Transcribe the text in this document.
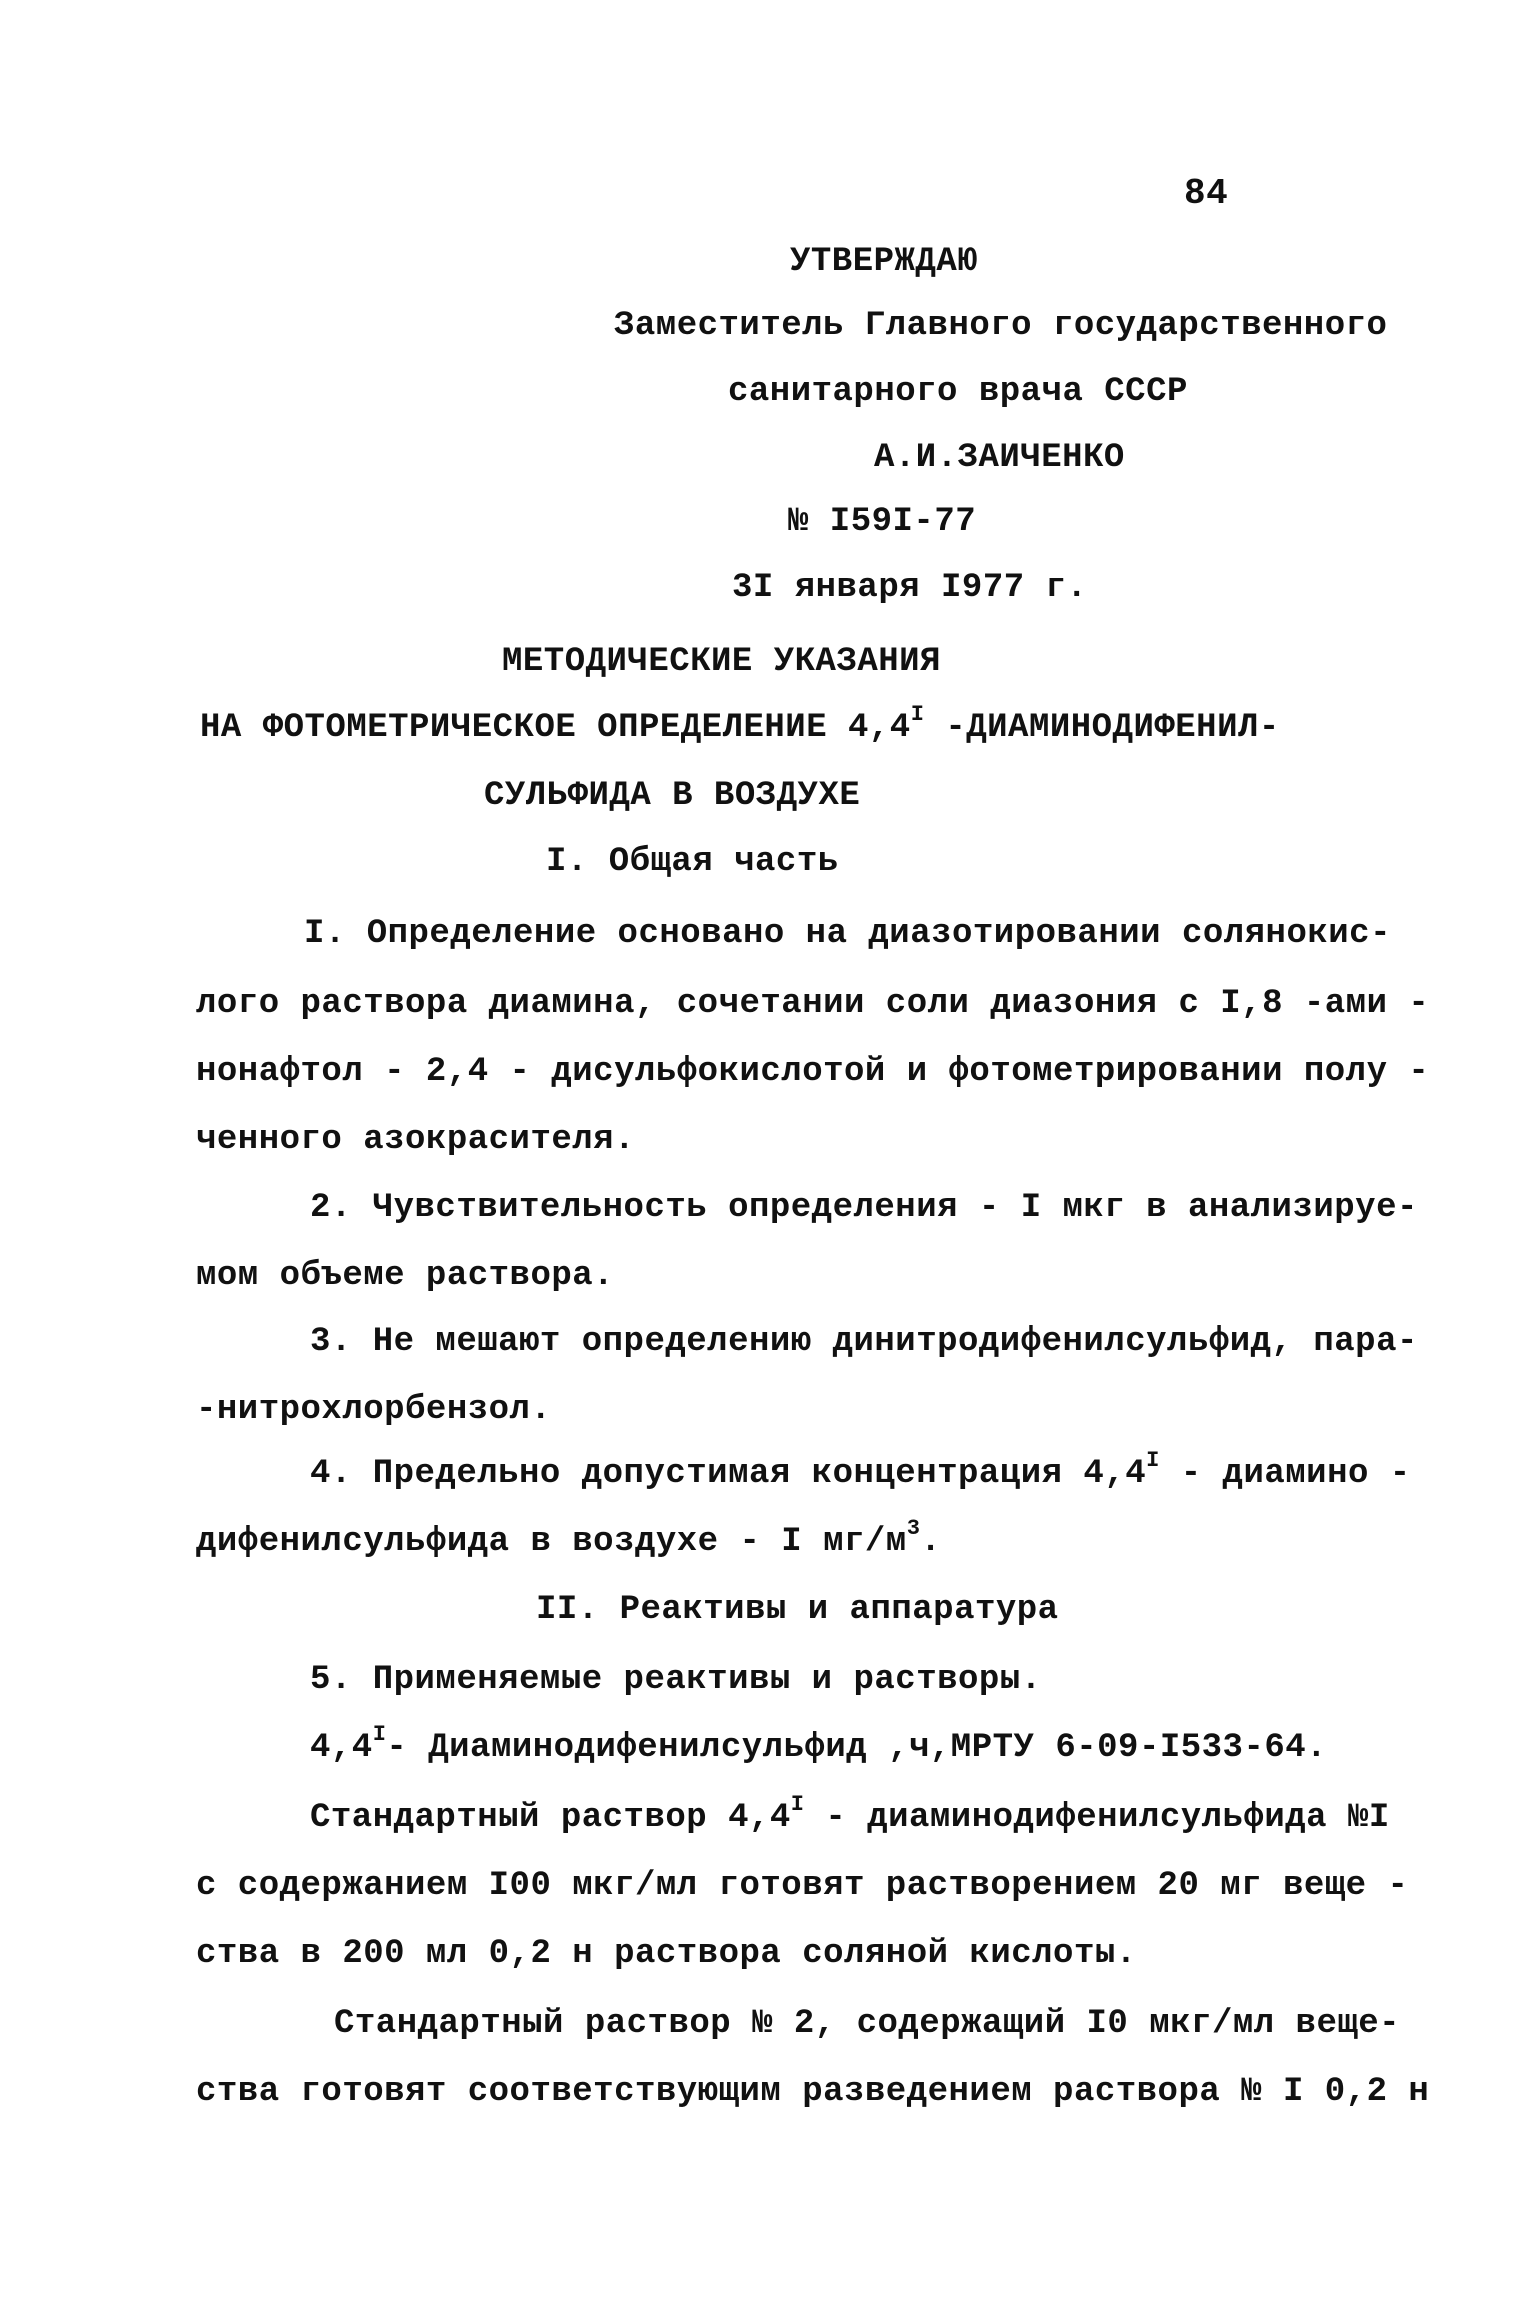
84
УТВЕРЖДАЮ
Заместитель Главного государственного
санитарного врача СССР
А.И.ЗАИЧЕНКО
№ I59I-77
3I января I977 г.
МЕТОДИЧЕСКИЕ УКАЗАНИЯ
НА ФОТОМЕТРИЧЕСКОЕ ОПРЕДЕЛЕНИЕ $4,4^I$ -ДИАМИНОДИФЕНИЛ-
СУЛЬФИДА В ВОЗДУХЕ
I. Общая часть
I. Определение основано на диазотировании солянокис-
лого раствора диамина, сочетании соли диазония с I,8 -ами -
нонафтол - 2,4 - дисульфокислотой и фотометрировании полу -
ченного азокрасителя.
2. Чувствительность определения - I мкг в анализируе-
мом объеме раствора.
3. Не мешают определению динитродифенилсульфид, пара-
-нитрохлорбензол.
4. Предельно допустимая концентрация $4,4^I$ - диамино -
дифенилсульфида в воздухе - I $мг/м^3$.
II. Реактивы и аппаратура
5. Применяемые реактивы и растворы.
$4,4^I-$ Диаминодифенилсульфид ,ч,МРТУ 6-09-I533-64.
Стандартный раствор $4,4^I$ - диаминодифенилсульфида №I
с содержанием I00 мкг/мл готовят растворением 20 мг веще -
ства в 200 мл 0,2 н раствора соляной кислоты.
Стандартный раствор № 2, содержащий I0 мкг/мл веще-
ства готовят соответствующим разведением раствора № I 0,2 н
